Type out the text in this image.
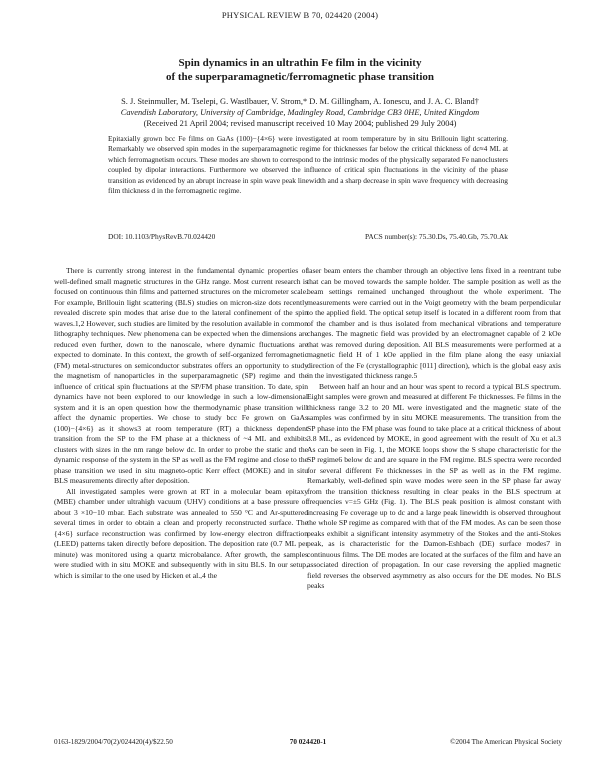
PHYSICAL REVIEW B 70, 024420 (2004)
Spin dynamics in an ultrathin Fe film in the vicinity
of the superparamagnetic/ferromagnetic phase transition
S. J. Steinmuller, M. Tselepi, G. Wastlbauer, V. Strom,* D. M. Gillingham, A. Ionescu, and J. A. C. Bland†
Cavendish Laboratory, University of Cambridge, Madingley Road, Cambridge CB3 0HE, United Kingdom
(Received 21 April 2004; revised manuscript received 10 May 2004; published 29 July 2004)
Epitaxially grown bcc Fe films on GaAs (100)−{4×6} were investigated at room temperature by in situ Brillouin light scattering. Remarkably we observed spin modes in the superparamagnetic regime for thicknesses far below the critical thickness of dc≈4 ML at which ferromagnetism occurs. These modes are shown to correspond to the intrinsic modes of the physically separated Fe nanoclusters coupled by dipolar interactions. Furthermore we observed the influence of critical spin fluctuations in the vicinity of the phase transition as evidenced by an abrupt increase in spin wave peak linewidth and a sharp decrease in spin wave frequency with decreasing film thickness d in the ferromagnetic regime.
DOI: 10.1103/PhysRevB.70.024420	PACS number(s): 75.30.Ds, 75.40.Gb, 75.70.Ak

There is currently strong interest in the fundamental dynamic properties of well-defined small magnetic structures in the GHz range. Most current research is focused on continuous thin films and patterned structures on the micrometer scale. For example, Brillouin light scattering (BLS) studies on micron-size dots recently revealed discrete spin modes that arise due to the lateral confinement of the spin waves.1,2 However, such studies are limited by the resolution available in common lithography techniques. New phenomena can be expected when the dimensions are reduced even further, down to the nanoscale, where dynamic fluctuations are expected to dominate. In this context, the growth of self-organized ferromagnetic (FM) metal-structures on semiconductor substrates offers an opportunity to study the magnetism of nanoparticles in the superparamagnetic (SP) regime and the influence of critical spin fluctuations at the SP/FM phase transition. To date, spin dynamics have not been explored to our knowledge in such a low-dimensional system and it is an open question how the thermodynamic phase transition will affect the dynamic properties. We chose to study bcc Fe grown on GaAs (100)−{4×6} as it shows3 at room temperature (RT) a thickness dependent transition from the SP to the FM phase at a thickness of ~4 ML and exhibits clusters with sizes in the nm range below dc. In order to probe the static and the dynamic response of the system in the SP as well as the FM regime and close to the phase transition we used in situ magneto-optic Kerr effect (MOKE) and in situ BLS measurements directly after deposition.

All investigated samples were grown at RT in a molecular beam epitaxy (MBE) chamber under ultrahigh vacuum (UHV) conditions at a base pressure of about 3 ×10−10 mbar. Each substrate was annealed to 550 °C and Ar-sputtered several times in order to obtain a clean and properly reconstructed surface. The {4×6} surface reconstruction was confirmed by low-energy electron diffraction (LEED) patterns taken directly before deposition. The deposition rate (0.7 ML per minute) was monitored using a quartz microbalance. After growth, the samples were studied with in situ MOKE and subsequently with in situ BLS. In our setup, which is similar to the one used by Hicken et al.,4 the

laser beam enters the chamber through an objective lens fixed in a reentrant tube that can be moved towards the sample holder. The sample position as well as the beam settings remained unchanged throughout the whole experiment. The measurements were carried out in the Voigt geometry with the beam perpendicular to the applied field. The optical setup itself is located in a different room from that of the chamber and is thus isolated from mechanical vibrations and temperature changes. The magnetic field was provided by an electromagnet capable of 2 kOe that was removed during deposition. All BLS measurements were performed at a magnetic field H of 1 kOe applied in the film plane along the easy uniaxial direction of the Fe (crystallographic [011] direction), which is the global easy axis in the investigated thickness range.5

Between half an hour and an hour was spent to record a typical BLS spectrum. Eight samples were grown and measured at different Fe thicknesses. Fe films in the thickness range 3.2 to 20 ML were investigated and the magnetic state of the samples was confirmed by in situ MOKE measurements. The transition from the SP phase into the FM phase was found to take place at a critical thickness of about 3.8 ML, as evidenced by MOKE, in good agreement with the result of Xu et al.3 As can be seen in Fig. 1, the MOKE loops show the S shape characteristic for the SP regime6 below dc and are square in the FM regime. BLS spectra were recorded for several different Fe thicknesses in the SP as well as in the FM regime. Remarkably, well-defined spin wave modes were seen in the SP phase far away from the transition thickness resulting in clear peaks in the BLS spectrum at frequencies ν=±5 GHz (Fig. 1). The BLS peak position is almost constant with increasing Fe coverage up to dc and a large peak linewidth is observed throughout the whole SP regime as compared with that of the FM modes. As can be seen those peaks exhibit a significant intensity asymmetry of the Stokes and the anti-Stokes peak, as is characteristic for the Damon-Eshbach (DE) surface modes7 in continuous films. The DE modes are located at the surfaces of the film and have an associated direction of propagation. In our case reversing the applied magnetic field reverses the observed asymmetry as also occurs for the DE modes. No BLS peaks

0163-1829/2004/70(2)/024420(4)/$22.50	70 024420-1	©2004 The American Physical Society
